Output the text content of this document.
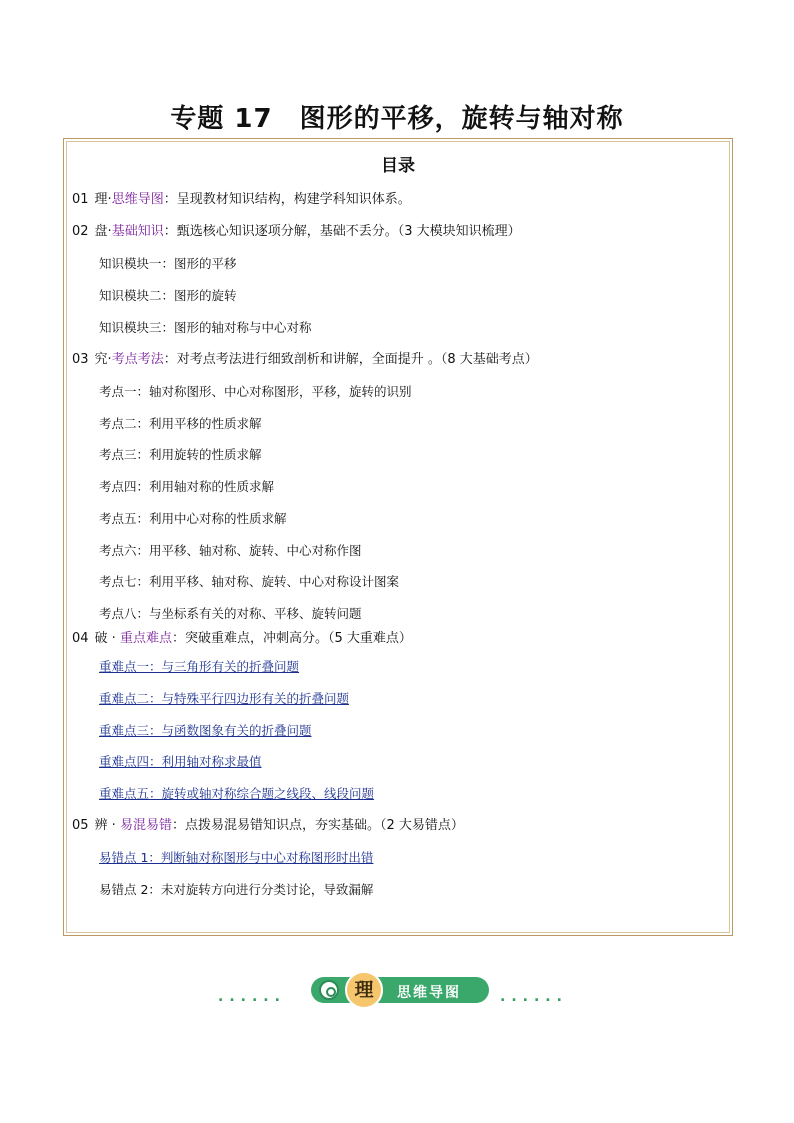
专题 17　图形的平移，旋转与轴对称
目录
01 理·思维导图：呈现教材知识结构，构建学科知识体系。
02 盘·基础知识：甄选核心知识逐项分解，基础不丢分。（3 大模块知识梳理）
知识模块一：图形的平移
知识模块二：图形的旋转
知识模块三：图形的轴对称与中心对称
03 究·考点考法：对考点考法进行细致剖析和讲解，全面提升 。（8 大基础考点）
考点一：轴对称图形、中心对称图形，平移，旋转的识别
考点二：利用平移的性质求解
考点三：利用旋转的性质求解
考点四：利用轴对称的性质求解
考点五：利用中心对称的性质求解
考点六：用平移、轴对称、旋转、中心对称作图
考点七：利用平移、轴对称、旋转、中心对称设计图案
考点八：与坐标系有关的对称、平移、旋转问题
04 破 · 重点难点：突破重难点，冲刺高分。（5 大重难点）
重难点一：与三角形有关的折叠问题
重难点二：与特殊平行四边形有关的折叠问题
重难点三：与函数图象有关的折叠问题
重难点四：利用轴对称求最值
重难点五：旋转或轴对称综合题之线段、线段问题
05 辨 · 易混易错：点拨易混易错知识点，夯实基础。（2 大易错点）
易错点 1：判断轴对称图形与中心对称图形时出错
易错点 2：未对旋转方向进行分类讨论，导致漏解
......	理	思维导图	......
